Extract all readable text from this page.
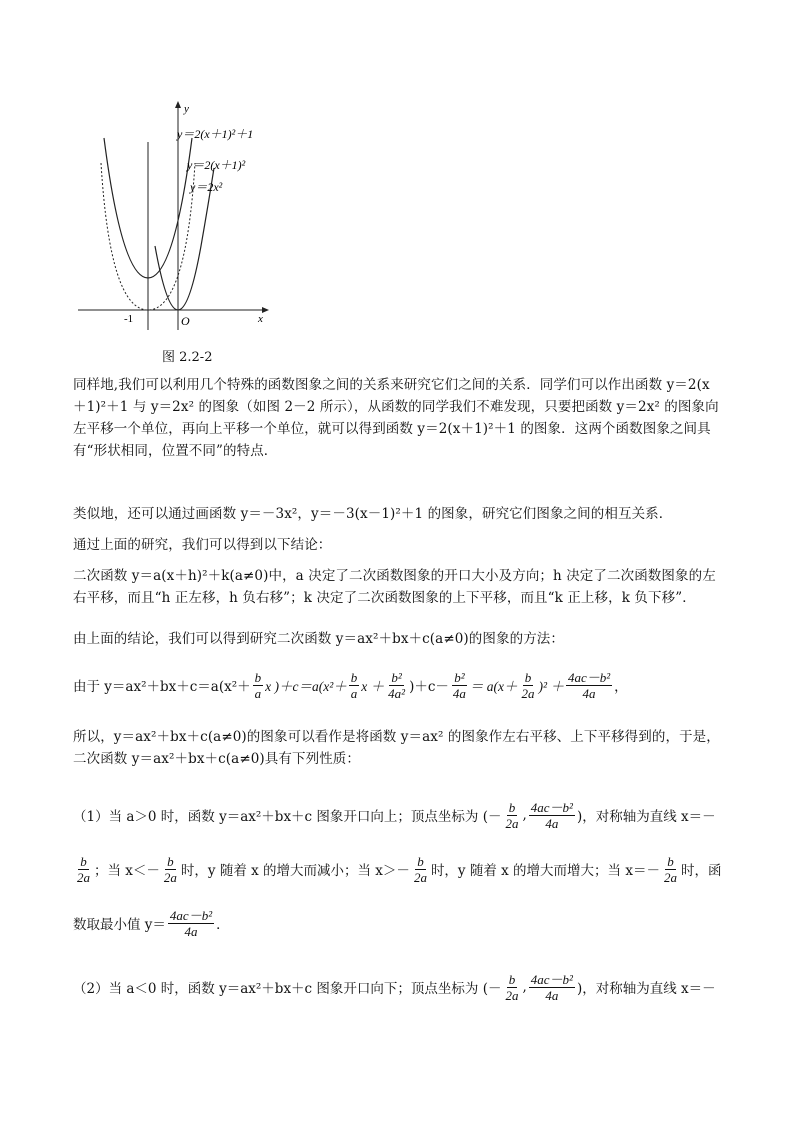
y
x
O
-1
y＝2(x＋1)²＋1
y＝2(x＋1)²
y＝2x²
图 2.2-2
同样地,我们可以利用几个特殊的函数图象之间的关系来研究它们之间的关系．同学们可以作出函数 y＝2(x＋1)²＋1 与 y＝2x² 的图象（如图 2－2 所示），从函数的同学我们不难发现，只要把函数 y＝2x² 的图象向左平移一个单位，再向上平移一个单位，就可以得到函数 y＝2(x＋1)²＋1 的图象．这两个函数图象之间具有“形状相同，位置不同”的特点．
类似地，还可以通过画函数 y＝－3x²，y＝－3(x－1)²＋1 的图象，研究它们图象之间的相互关系．
通过上面的研究，我们可以得到以下结论：
二次函数 y＝a(x＋h)²＋k(a≠0)中，a 决定了二次函数图象的开口大小及方向；h 决定了二次函数图象的左右平移，而且“h 正左移，h 负右移”；k 决定了二次函数图象的上下平移，而且“k 正上移，k 负下移”．
由上面的结论，我们可以得到研究二次函数 y＝ax²＋bx＋c(a≠0)的图象的方法：
由于 $y=ax^2+bx+c=a(x^2+ \frac{b}{a}$ x )$+c=a(x^2+ \frac{b}{a}$ $x + \frac{\text{b²}}{\text{4a²}} )+c- \frac{\text{b²}}{4a} = a(x+ \frac{b}{2a} )^2 + \frac{\text{4ac－b²}}{4a}$ ，
所以，y＝ax²＋bx＋c(a≠0)的图象可以看作是将函数 y＝ax² 的图象作左右平移、上下平移得到的，于是，二次函数 y＝ax²＋bx＋c(a≠0)具有下列性质：
（1）当 a＞0 时，函数 y＝ax²＋bx＋c 图象开口向上；顶点坐标为 (－ $\frac{b}{2a}$ , $\frac{\text{4ac－b²}}{4a}$ )，对称轴为直线 x＝－
$\frac{b}{2a}$ ；当 $x<- \frac{b}{2a}$ 时，y 随着 x 的增大而减小；当 $x>- \frac{b}{2a}$ 时，y 随着 x 的增大而增大；当 $x=- \frac{b}{2a}$ 时，函
数取最小值 $y= \frac{\text{4ac－b²}}{4a}$ ．
（2）当 a＜0 时，函数 y＝ax²＋bx＋c 图象开口向下；顶点坐标为 (－ $\frac{b}{2a}$ , $\frac{\text{4ac－b²}}{4a}$ )，对称轴为直线 x＝－
